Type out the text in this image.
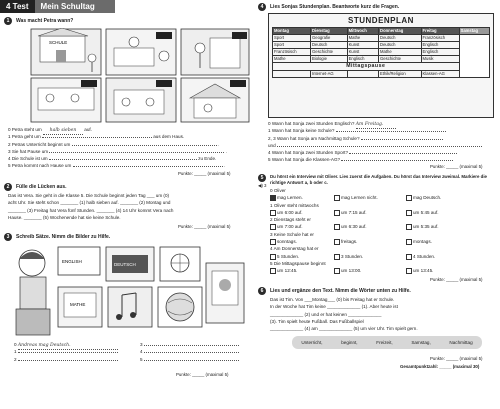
4 Test	Mein Schultag
1	Was macht Petra wann?
SCHULE
0 Petra steht um halb sieben auf.
1 Petra geht um	aus dem Haus.
2 Petras Unterricht beginnt um	.
3 Sie hat Pause um	.
4 Die Schule ist um	zu Ende.
5 Petra kommt nach Hause um	.
Punkte: _____ (maximal 5)
2	Fülle die Lücken aus.
Das ist Vera. Sie geht in die Klasse 5. Die Schule beginnt jeden Tag ___ um (0)
acht Uhr. Sie steht schon _______ (1) halb sieben auf. _______ (2) Montag und
_______ (3) Freitag hat Vera fünf Stunden. _______ (4) 14 Uhr kommt Vera nach
Hause. _______ (5) Wochenende hat sie keine Schule.
Punkte: _____ (maximal 5)
3	Schreib Sätze. Nimm die Bilder zu Hilfe.
ENGLISH
DEUTSCH
MATHE
0 Andreas mag Deutsch.
1
2
3
4
5
Punkte: _____ (maximal 5)
4	Lies Sonjas Stundenplan. Beantworte kurz die Fragen.
STUNDENPLAN
Montag	Dienstag	Mittwoch	Donnerstag	Freitag	Samstag
Sport	Geografie	Mathe	Deutsch	Französisch	
Sport	Deutsch	Kunst	Deutsch	Englisch	
Französisch	Geschichte	Kunst	Mathe	Englisch	
Mathe	Biologie	Englisch	Geschichte	Musik	
Mittagspause					
	Internet-AG		Ethik/Religion	Klassen-AG	
0 Wann hat Sonja zwei Stunden Englisch? Am Freitag.
1 Wann hat Sonja keine Schule?
2, 3 Wann hat Sonja am Nachmittag Schule?
und
4 Wann hat Sonja zwei Stunden Sport?
5 Wann hat Sonja die Klassen-AG?
Punkte: _____ (maximal 5)
5	Du hörst ein Interview mit Oliver. Lies zuerst die Aufgaben. Du hörst das Interview zweimal. Markiere die richtige Antwort a, b oder c.
◀) 3
0 Oliver
mag Lernen.	mag Lernen nicht.	mag Deutsch.
1 Oliver steht mittwochs
um 6:00 auf.	um 7:15 auf.	um 5:45 auf.
2 Dienstags steht er
um 7:00 auf.	um 6:30 auf.	um 5:35 auf.
3 Keine Schule hat er
sonntags.	freitags.	montags.
4 Am Donnerstag hat er
5 Stunden.	3 Stunden.	4 Stunden.
5 Die Mittagspause beginnt
um 12:45.	um 13:00.	um 13:45.
Punkte: _____ (maximal 5)
6	Lies und ergänze den Text. Nimm die Wörter unten zu Hilfe.
Das ist Tim. Von ___Montag___ (0) bis Freitag hat er Schule.
In der Woche hat Tim keine _____________ (1). Aber heute ist
_____________ (2) und er hat keinen _____________
(3). Tim spielt heute Fußball. Das Fußballspiel
_____________ (4) am _____________ (5) um vier Uhr. Tim spielt gern.
Unterricht,	beginnt,	Freizeit,	Samstag,	Nachmittag
Punkte: _____ (maximal 5)
Gesamtpunktzahl: _____ (maximal 30)
